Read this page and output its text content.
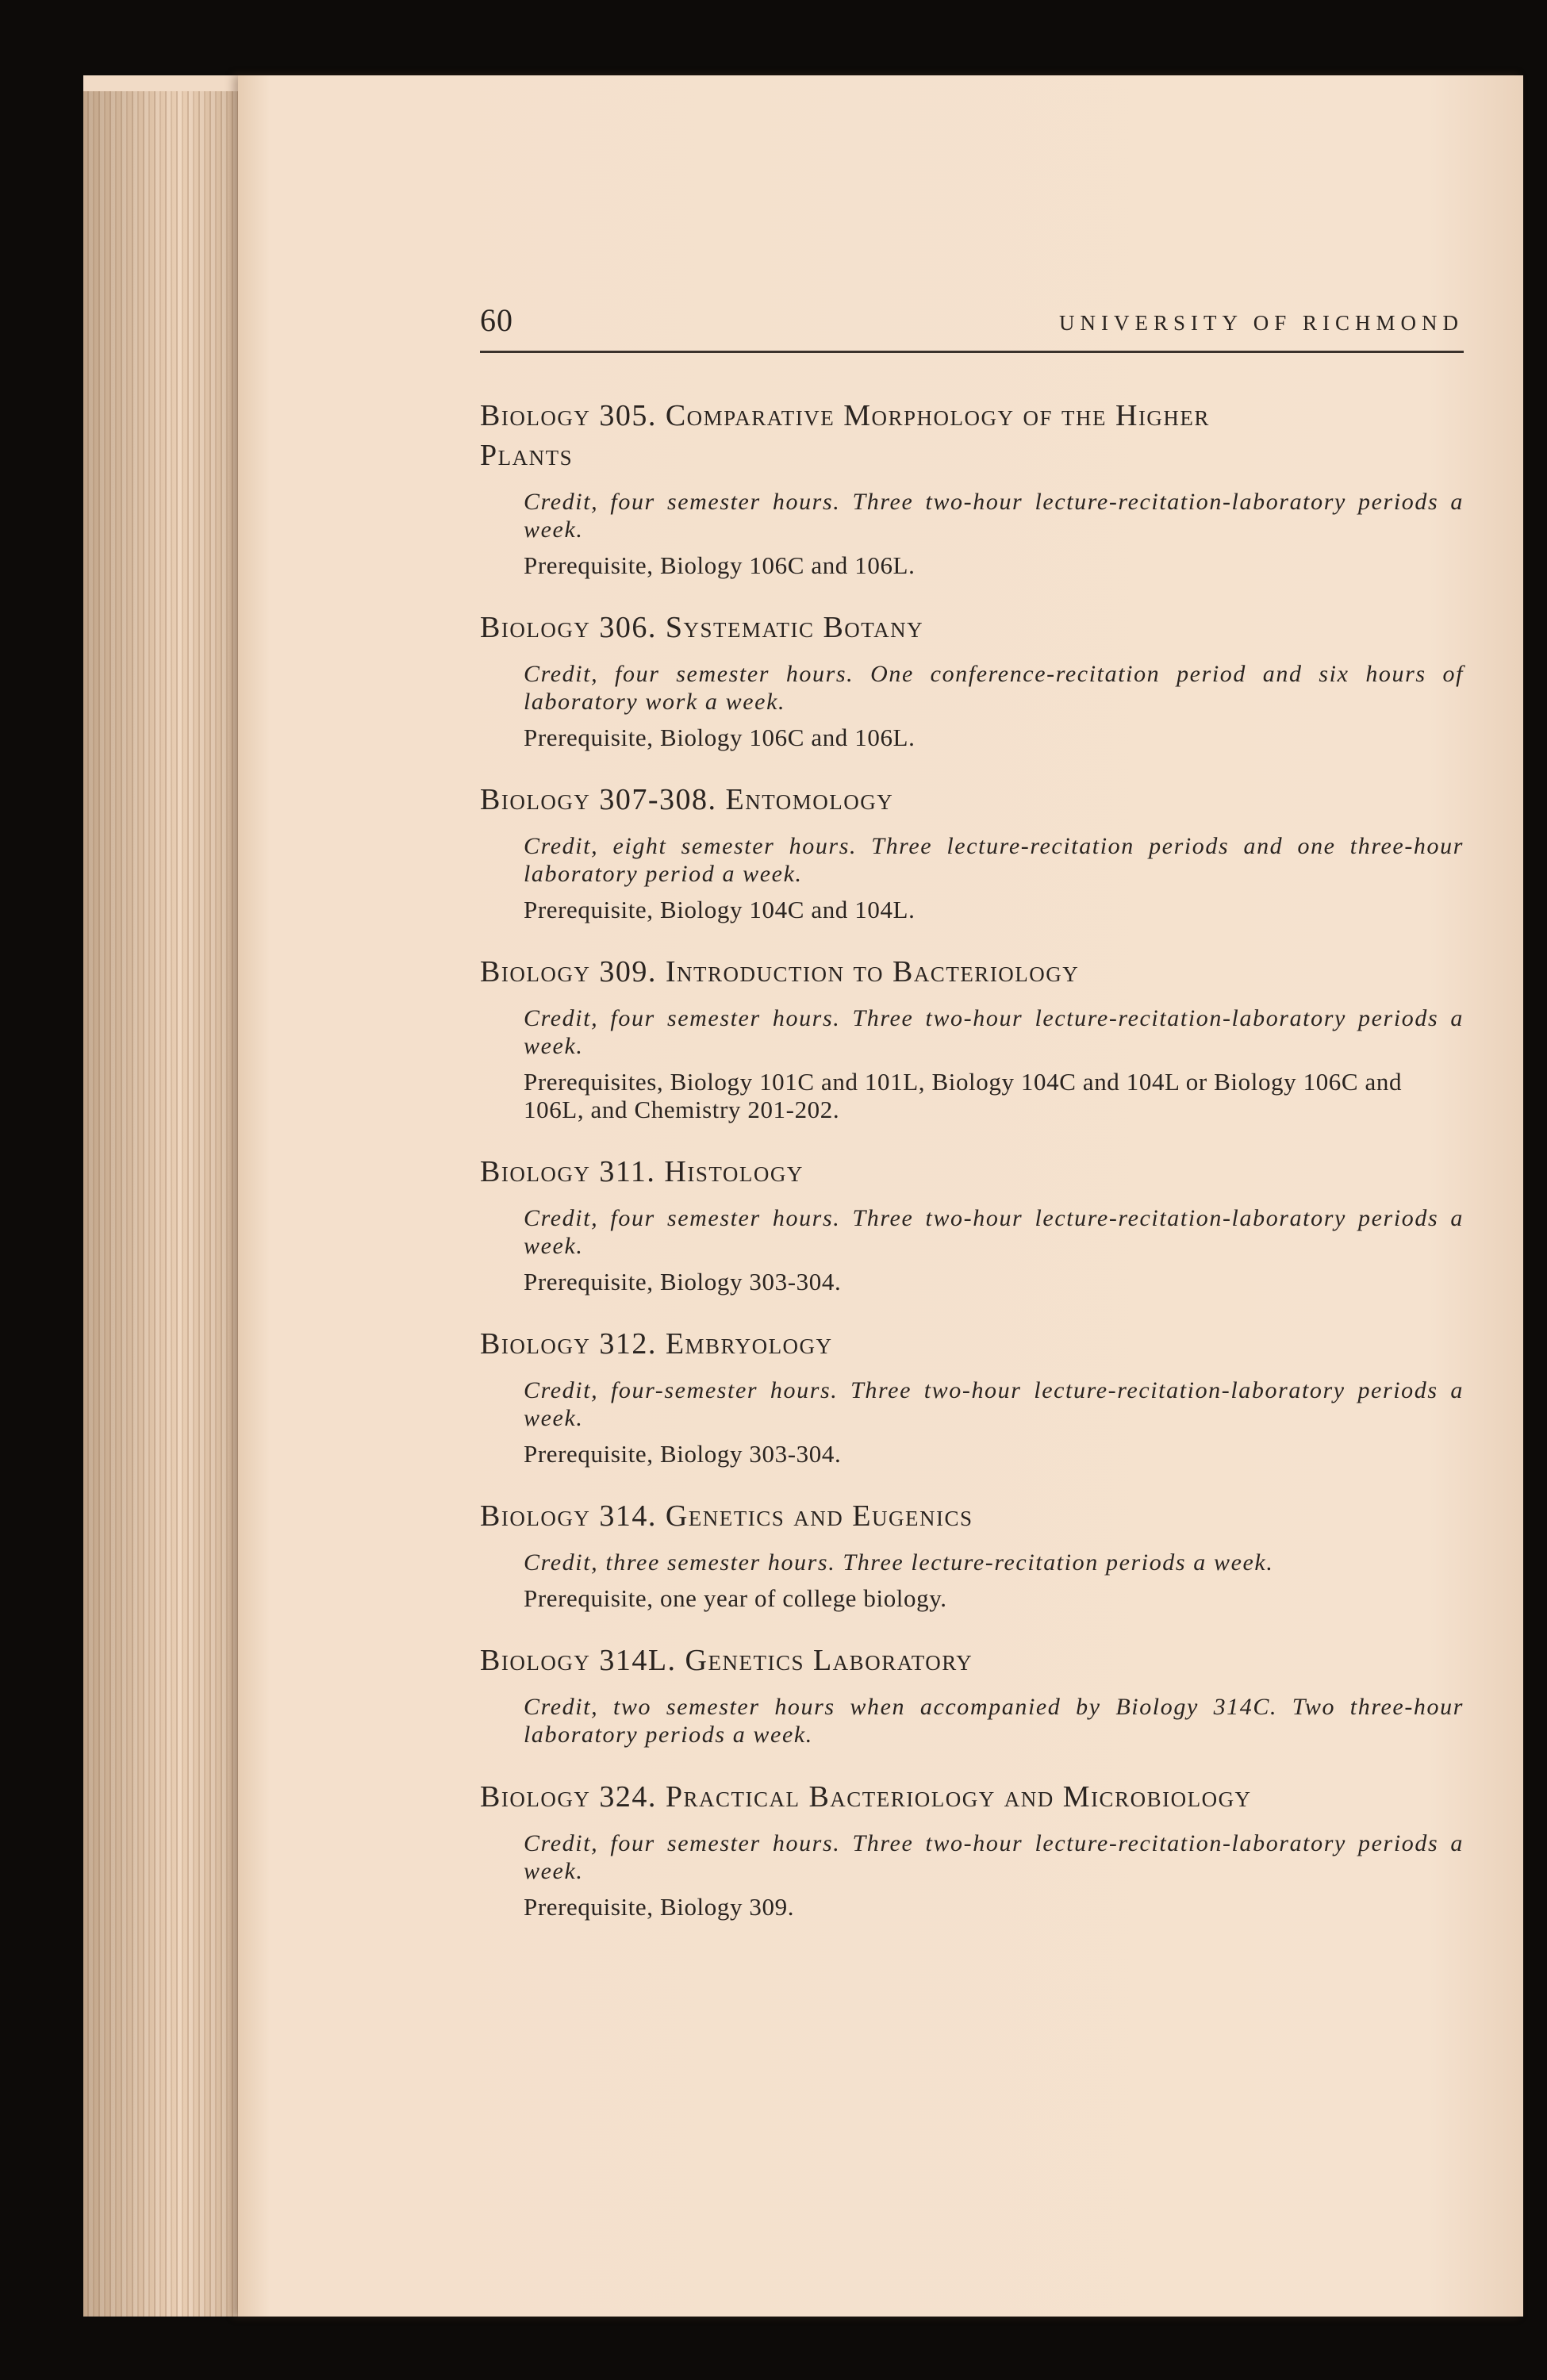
60	UNIVERSITY OF RICHMOND

Biology 305. Comparative Morphology of the Higher
Plants

Credit, four semester hours. Three two-hour lecture-recitation-laboratory periods a week.

Prerequisite, Biology 106C and 106L.

Biology 306. Systematic Botany

Credit, four semester hours. One conference-recitation period and six hours of laboratory work a week.

Prerequisite, Biology 106C and 106L.

Biology 307-308. Entomology

Credit, eight semester hours. Three lecture-recitation periods and one three-hour laboratory period a week.

Prerequisite, Biology 104C and 104L.

Biology 309. Introduction to Bacteriology

Credit, four semester hours. Three two-hour lecture-recitation-laboratory periods a week.

Prerequisites, Biology 101C and 101L, Biology 104C and 104L or Biology 106C and 106L, and Chemistry 201-202.

Biology 311. Histology

Credit, four semester hours. Three two-hour lecture-recitation-laboratory periods a week.

Prerequisite, Biology 303-304.

Biology 312. Embryology

Credit, four-semester hours. Three two-hour lecture-recitation-laboratory periods a week.

Prerequisite, Biology 303-304.

Biology 314. Genetics and Eugenics

Credit, three semester hours. Three lecture-recitation periods a week.

Prerequisite, one year of college biology.

Biology 314L. Genetics Laboratory

Credit, two semester hours when accompanied by Biology 314C. Two three-hour laboratory periods a week.

Biology 324. Practical Bacteriology and Microbiology

Credit, four semester hours. Three two-hour lecture-recitation-laboratory periods a week.

Prerequisite, Biology 309.
